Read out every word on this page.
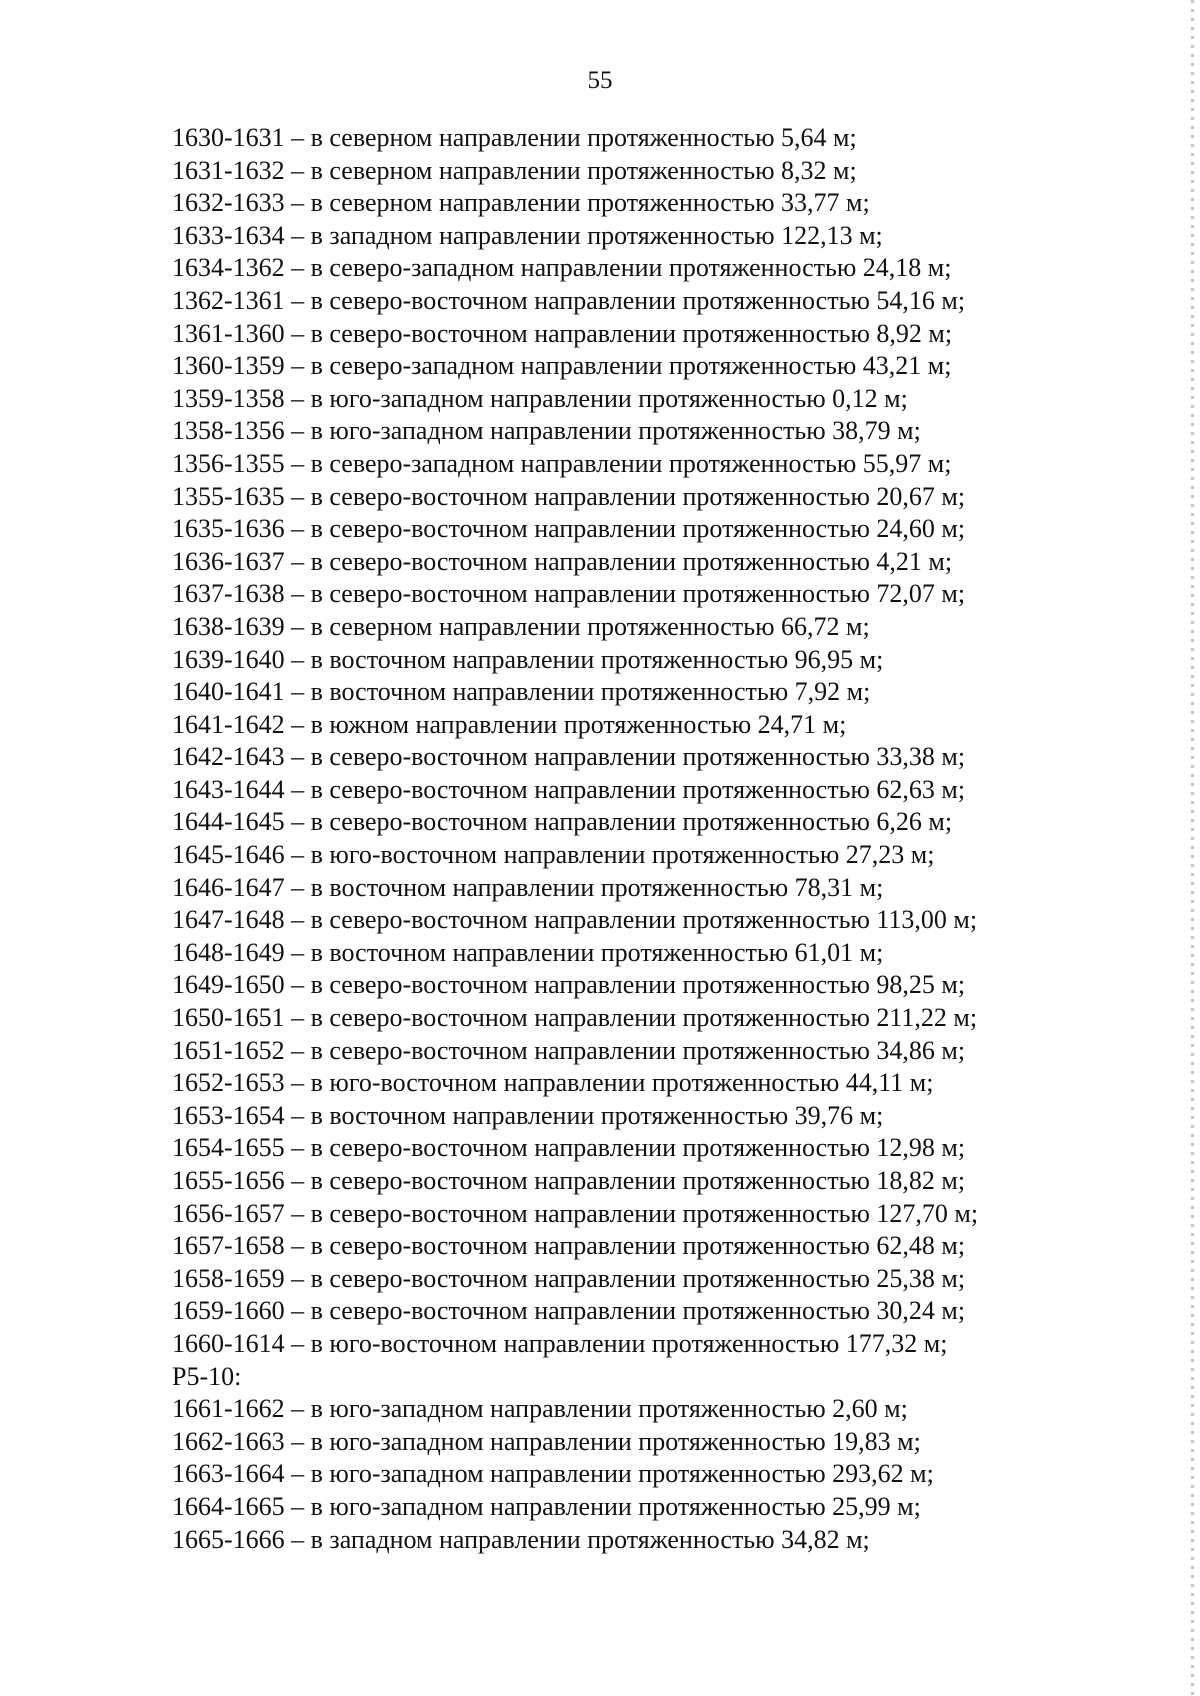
55
1630-1631 – в северном направлении протяженностью 5,64 м;
1631-1632 – в северном направлении протяженностью 8,32 м;
1632-1633 – в северном направлении протяженностью 33,77 м;
1633-1634 – в западном направлении протяженностью 122,13 м;
1634-1362 – в северо-западном направлении протяженностью 24,18 м;
1362-1361 – в северо-восточном направлении протяженностью 54,16 м;
1361-1360 – в северо-восточном направлении протяженностью 8,92 м;
1360-1359 – в северо-западном направлении протяженностью 43,21 м;
1359-1358 – в юго-западном направлении протяженностью 0,12 м;
1358-1356 – в юго-западном направлении протяженностью 38,79 м;
1356-1355 – в северо-западном направлении протяженностью 55,97 м;
1355-1635 – в северо-восточном направлении протяженностью 20,67 м;
1635-1636 – в северо-восточном направлении протяженностью 24,60 м;
1636-1637 – в северо-восточном направлении протяженностью 4,21 м;
1637-1638 – в северо-восточном направлении протяженностью 72,07 м;
1638-1639 – в северном направлении протяженностью 66,72 м;
1639-1640 – в восточном направлении протяженностью 96,95 м;
1640-1641 – в восточном направлении протяженностью 7,92 м;
1641-1642 – в южном направлении протяженностью 24,71 м;
1642-1643 – в северо-восточном направлении протяженностью 33,38 м;
1643-1644 – в северо-восточном направлении протяженностью 62,63 м;
1644-1645 – в северо-восточном направлении протяженностью 6,26 м;
1645-1646 – в юго-восточном направлении протяженностью 27,23 м;
1646-1647 – в восточном направлении протяженностью 78,31 м;
1647-1648 – в северо-восточном направлении протяженностью 113,00 м;
1648-1649 – в восточном направлении протяженностью 61,01 м;
1649-1650 – в северо-восточном направлении протяженностью 98,25 м;
1650-1651 – в северо-восточном направлении протяженностью 211,22 м;
1651-1652 – в северо-восточном направлении протяженностью 34,86 м;
1652-1653 – в юго-восточном направлении протяженностью 44,11 м;
1653-1654 – в восточном направлении протяженностью 39,76 м;
1654-1655 – в северо-восточном направлении протяженностью 12,98 м;
1655-1656 – в северо-восточном направлении протяженностью 18,82 м;
1656-1657 – в северо-восточном направлении протяженностью 127,70 м;
1657-1658 – в северо-восточном направлении протяженностью 62,48 м;
1658-1659 – в северо-восточном направлении протяженностью 25,38 м;
1659-1660 – в северо-восточном направлении протяженностью 30,24 м;
1660-1614 – в юго-восточном направлении протяженностью 177,32 м;
Р5-10:
1661-1662 – в юго-западном направлении протяженностью 2,60 м;
1662-1663 – в юго-западном направлении протяженностью 19,83 м;
1663-1664 – в юго-западном направлении протяженностью 293,62 м;
1664-1665 – в юго-западном направлении протяженностью 25,99 м;
1665-1666 – в западном направлении протяженностью 34,82 м;
